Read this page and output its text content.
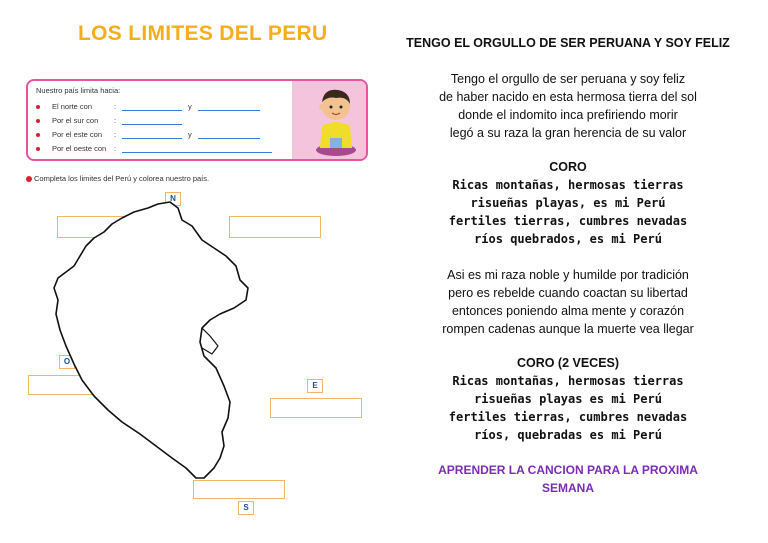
LOS LIMITES DEL PERU
Nuestro país limita hacia:
El norte con	:	y
Por el sur con :
Por el este con :	y
Por el oeste con :
Completa los limites del Perú y colorea nuestro país.
N
O
E
S
TENGO EL ORGULLO DE SER PERUANA Y SOY FELIZ
Tengo el orgullo de ser peruana y soy feliz
de haber nacido en esta hermosa tierra del sol
donde el indomito inca prefiriendo morir
legó a su raza la gran herencia de su valor
CORO
Ricas montañas, hermosas tierras
risueñas playas, es mi Perú
fertiles tierras, cumbres nevadas
ríos quebrados, es mi Perú
Asi es mi raza noble y humilde por tradición
pero es rebelde cuando coactan su libertad
entonces poniendo alma mente y corazón
rompen cadenas aunque la muerte vea llegar
CORO (2 VECES)
Ricas montañas, hermosas tierras
risueñas playas es mi Perú
fertiles tierras, cumbres nevadas
ríos, quebradas es mi Perú
APRENDER LA CANCION PARA LA PROXIMA
SEMANA
